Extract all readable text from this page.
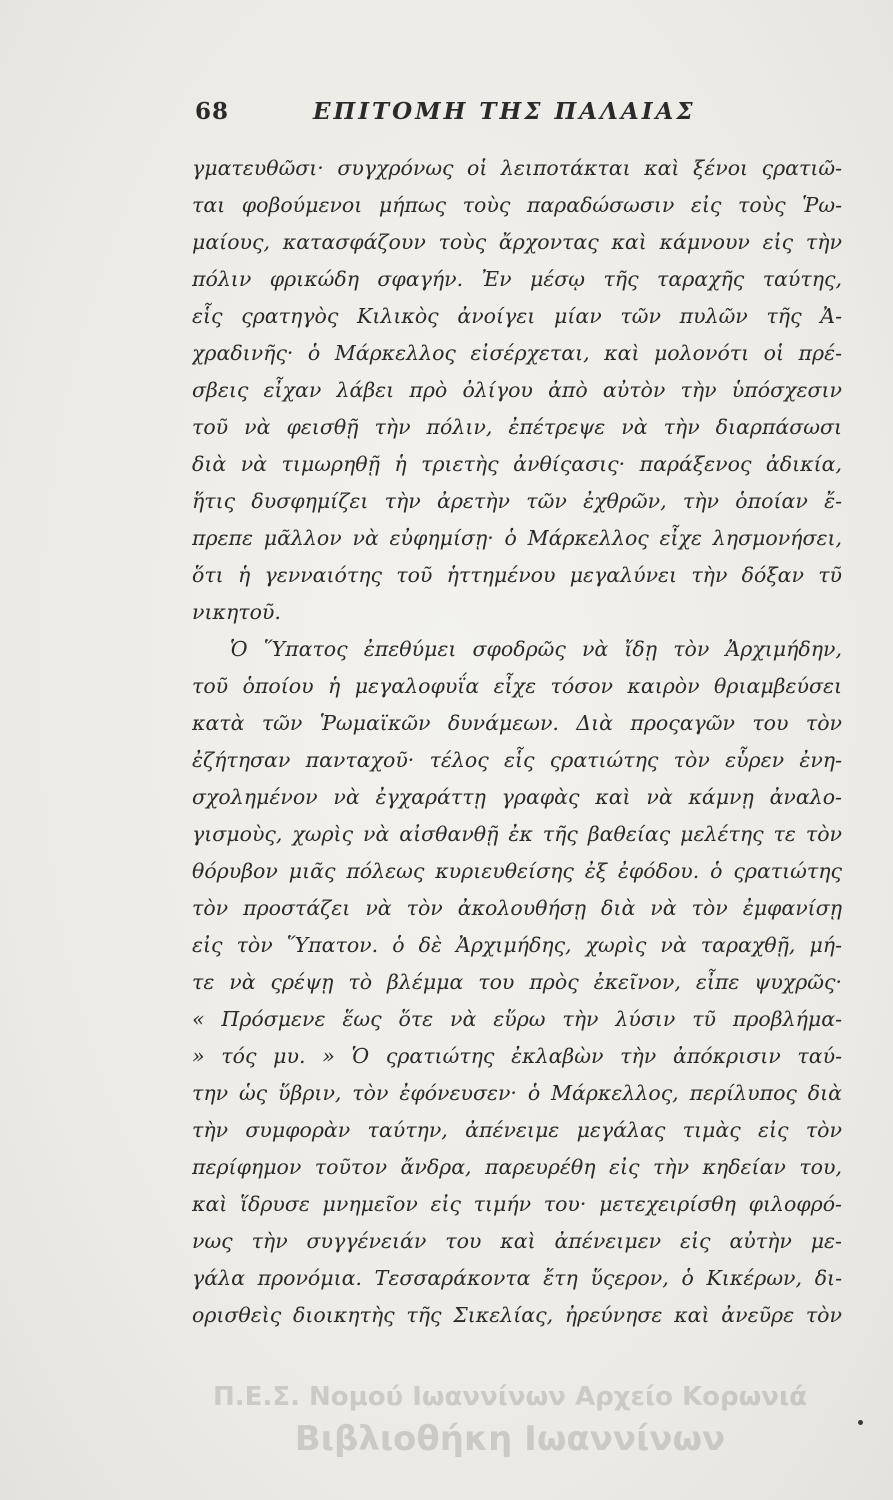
68	ΕΠΙΤΟΜΗ ΤΗΣ ΠΑΛΑΙΑΣ
γματευθῶσι· συγχρόνως οἱ λειποτάκται καὶ ξένοι ςρατιῶ-
ται φοβούμενοι μήπως τοὺς παραδώσωσιν εἰς τοὺς Ῥω-
μαίους, κατασφάζουν τοὺς ἄρχοντας καὶ κάμνουν εἰς τὴν
πόλιν φρικώδη σφαγήν. Ἐν μέσῳ τῆς ταραχῆς ταύτης,
εἷς ςρατηγὸς Κιλικὸς ἀνοίγει μίαν τῶν πυλῶν τῆς Ἀ-
χραδινῆς· ὁ Μάρκελλος εἰσέρχεται, καὶ μολονότι οἱ πρέ-
σβεις εἶχαν λάβει πρὸ ὀλίγου ἀπὸ αὐτὸν τὴν ὑπόσχεσιν
τοῦ νὰ φεισθῇ τὴν πόλιν, ἐπέτρεψε νὰ τὴν διαρπάσωσι
διὰ νὰ τιμωρηθῇ ἡ τριετὴς ἀνθίςασις· παράξενος ἀδικία,
ἥτις δυσφημίζει τὴν ἀρετὴν τῶν ἐχθρῶν, τὴν ὁποίαν ἔ-
πρεπε μᾶλλον νὰ εὐφημίσῃ· ὁ Μάρκελλος εἶχε λησμονήσει,
ὅτι ἡ γενναιότης τοῦ ἡττημένου μεγαλύνει τὴν δόξαν τῦ
νικητοῦ.
Ὁ Ὕπατος ἐπεθύμει σφοδρῶς νὰ ἴδῃ τὸν Ἀρχιμήδην,
τοῦ ὁποίου ἡ μεγαλοφυΐα εἶχε τόσον καιρὸν θριαμβεύσει
κατὰ τῶν Ῥωμαϊκῶν δυνάμεων. Διὰ προςαγῶν του τὸν
ἐζήτησαν πανταχοῦ· τέλος εἷς ςρατιώτης τὸν εὗρεν ἐνη-
σχολημένον νὰ ἐγχαράττῃ γραφὰς καὶ νὰ κάμνῃ ἀναλο-
γισμοὺς, χωρὶς νὰ αἰσθανθῇ ἐκ τῆς βαθείας μελέτης τε τὸν
θόρυβον μιᾶς πόλεως κυριευθείσης ἐξ ἐφόδου. ὁ ςρατιώτης
τὸν προστάζει νὰ τὸν ἀκολουθήσῃ διὰ νὰ τὸν ἐμφανίσῃ
εἰς τὸν Ὕπατον. ὁ δὲ Ἀρχιμήδης, χωρὶς νὰ ταραχθῇ, μή-
τε νὰ ςρέψῃ τὸ βλέμμα του πρὸς ἐκεῖνον, εἶπε ψυχρῶς·
« Πρόσμενε ἕως ὅτε νὰ εὕρω τὴν λύσιν τῦ προβλήμα-
» τός μυ. » Ὁ ςρατιώτης ἐκλαβὼν τὴν ἀπόκρισιν ταύ-
την ὡς ὕβριν, τὸν ἐφόνευσεν· ὁ Μάρκελλος, περίλυπος διὰ
τὴν συμφορὰν ταύτην, ἀπένειμε μεγάλας τιμὰς εἰς τὸν
περίφημον τοῦτον ἄνδρα, παρευρέθη εἰς τὴν κηδείαν του,
καὶ ἵδρυσε μνημεῖον εἰς τιμήν του· μετεχειρίσθη φιλοφρό-
νως τὴν συγγένειάν του καὶ ἀπένειμεν εἰς αὐτὴν με-
γάλα προνόμια. Τεσσαράκοντα ἔτη ὕςερον, ὁ Κικέρων, δι-
ορισθεὶς διοικητὴς τῆς Σικελίας, ἠρεύνησε καὶ ἀνεῦρε τὸν
Π.Ε.Σ. Νομού Ιωαννίνων Αρχείο Κορωνιά
Βιβλιοθήκη Ιωαννίνων
